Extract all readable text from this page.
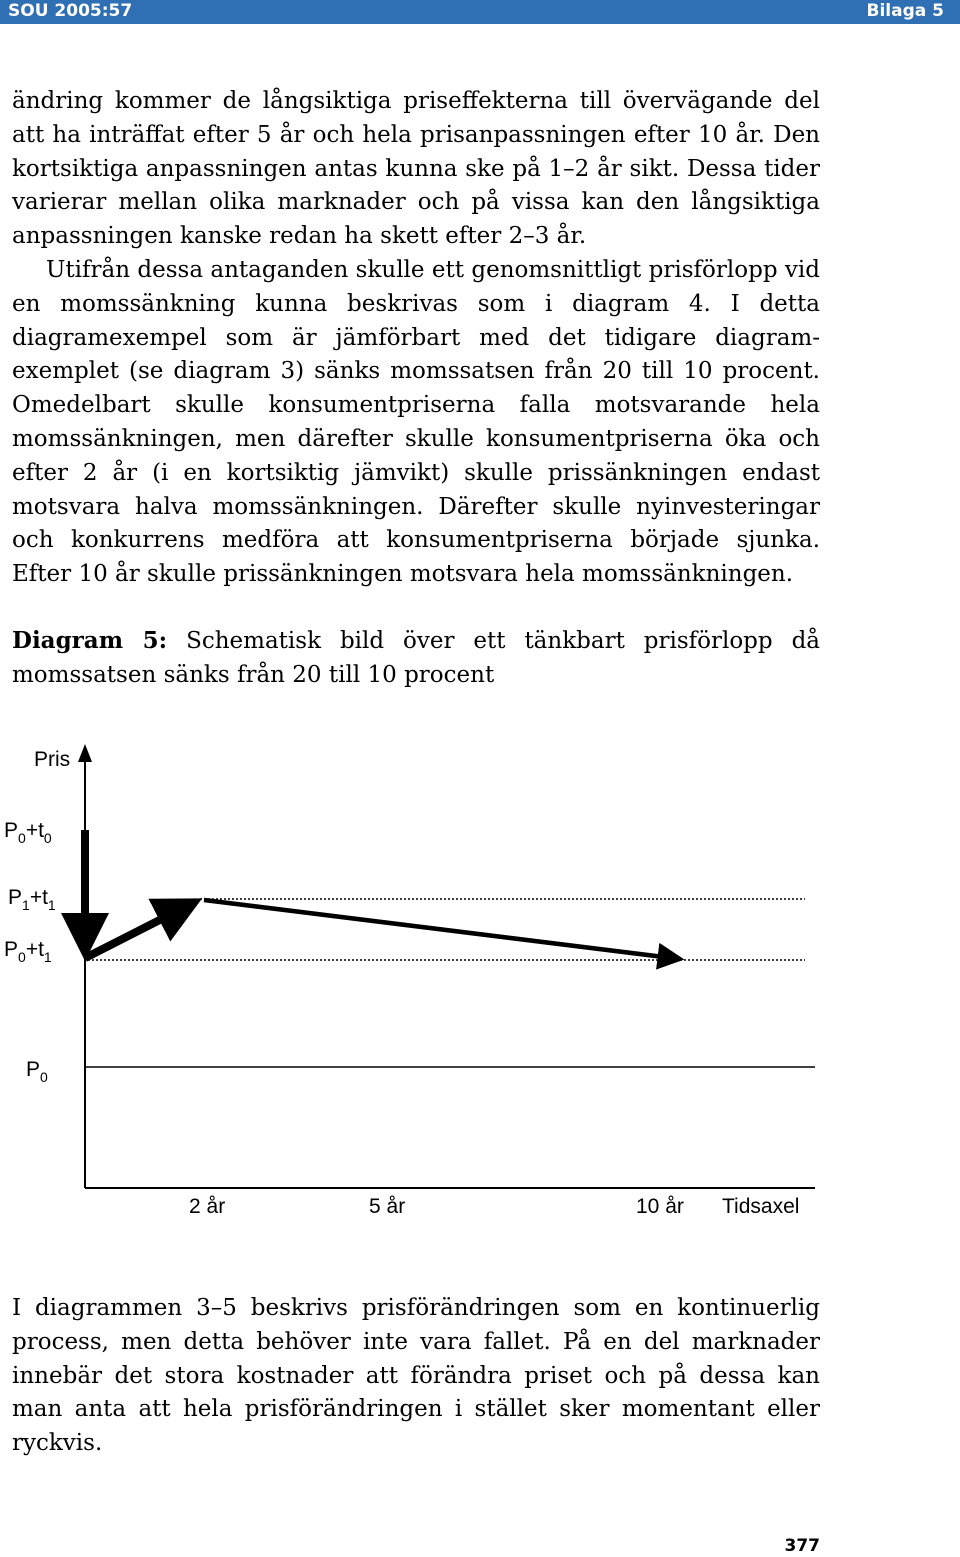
SOU 2005:57	Bilaga 5

ändring kommer de långsiktiga priseffekterna till övervägande del att ha inträffat efter 5 år och hela prisanpassningen efter 10 år. Den kortsiktiga anpassningen antas kunna ske på 1–2 år sikt. Dessa tider varierar mellan olika marknader och på vissa kan den långsiktiga anpassningen kanske redan ha skett efter 2–3 år.

Utifrån dessa antaganden skulle ett genomsnittligt prisförlopp vid en momssänkning kunna beskrivas som i diagram 4. I detta diagramexempel som är jämförbart med det tidigare diagram-exemplet (se diagram 3) sänks momssatsen från 20 till 10 procent. Omedelbart skulle konsumentpriserna falla motsvarande hela momssänkningen, men därefter skulle konsumentpriserna öka och efter 2 år (i en kortsiktig jämvikt) skulle prissänkningen endast motsvara halva momssänkningen. Därefter skulle nyinvesteringar och konkurrens medföra att konsumentpriserna började sjunka. Efter 10 år skulle prissänkningen motsvara hela momssänkningen.

Diagram 5: Schematisk bild över ett tänkbart prisförlopp då momssatsen sänks från 20 till 10 procent

Pris
$P_0+t_0$
$P_1+t_1$
$P_0+t_1$
$P_0$
2 år	5 år	10 år Tidsaxel

I diagrammen 3–5 beskrivs prisförändringen som en kontinuerlig process, men detta behöver inte vara fallet. På en del marknader innebär det stora kostnader att förändra priset och på dessa kan man anta att hela prisförändringen i stället sker momentant eller ryckvis.

377
